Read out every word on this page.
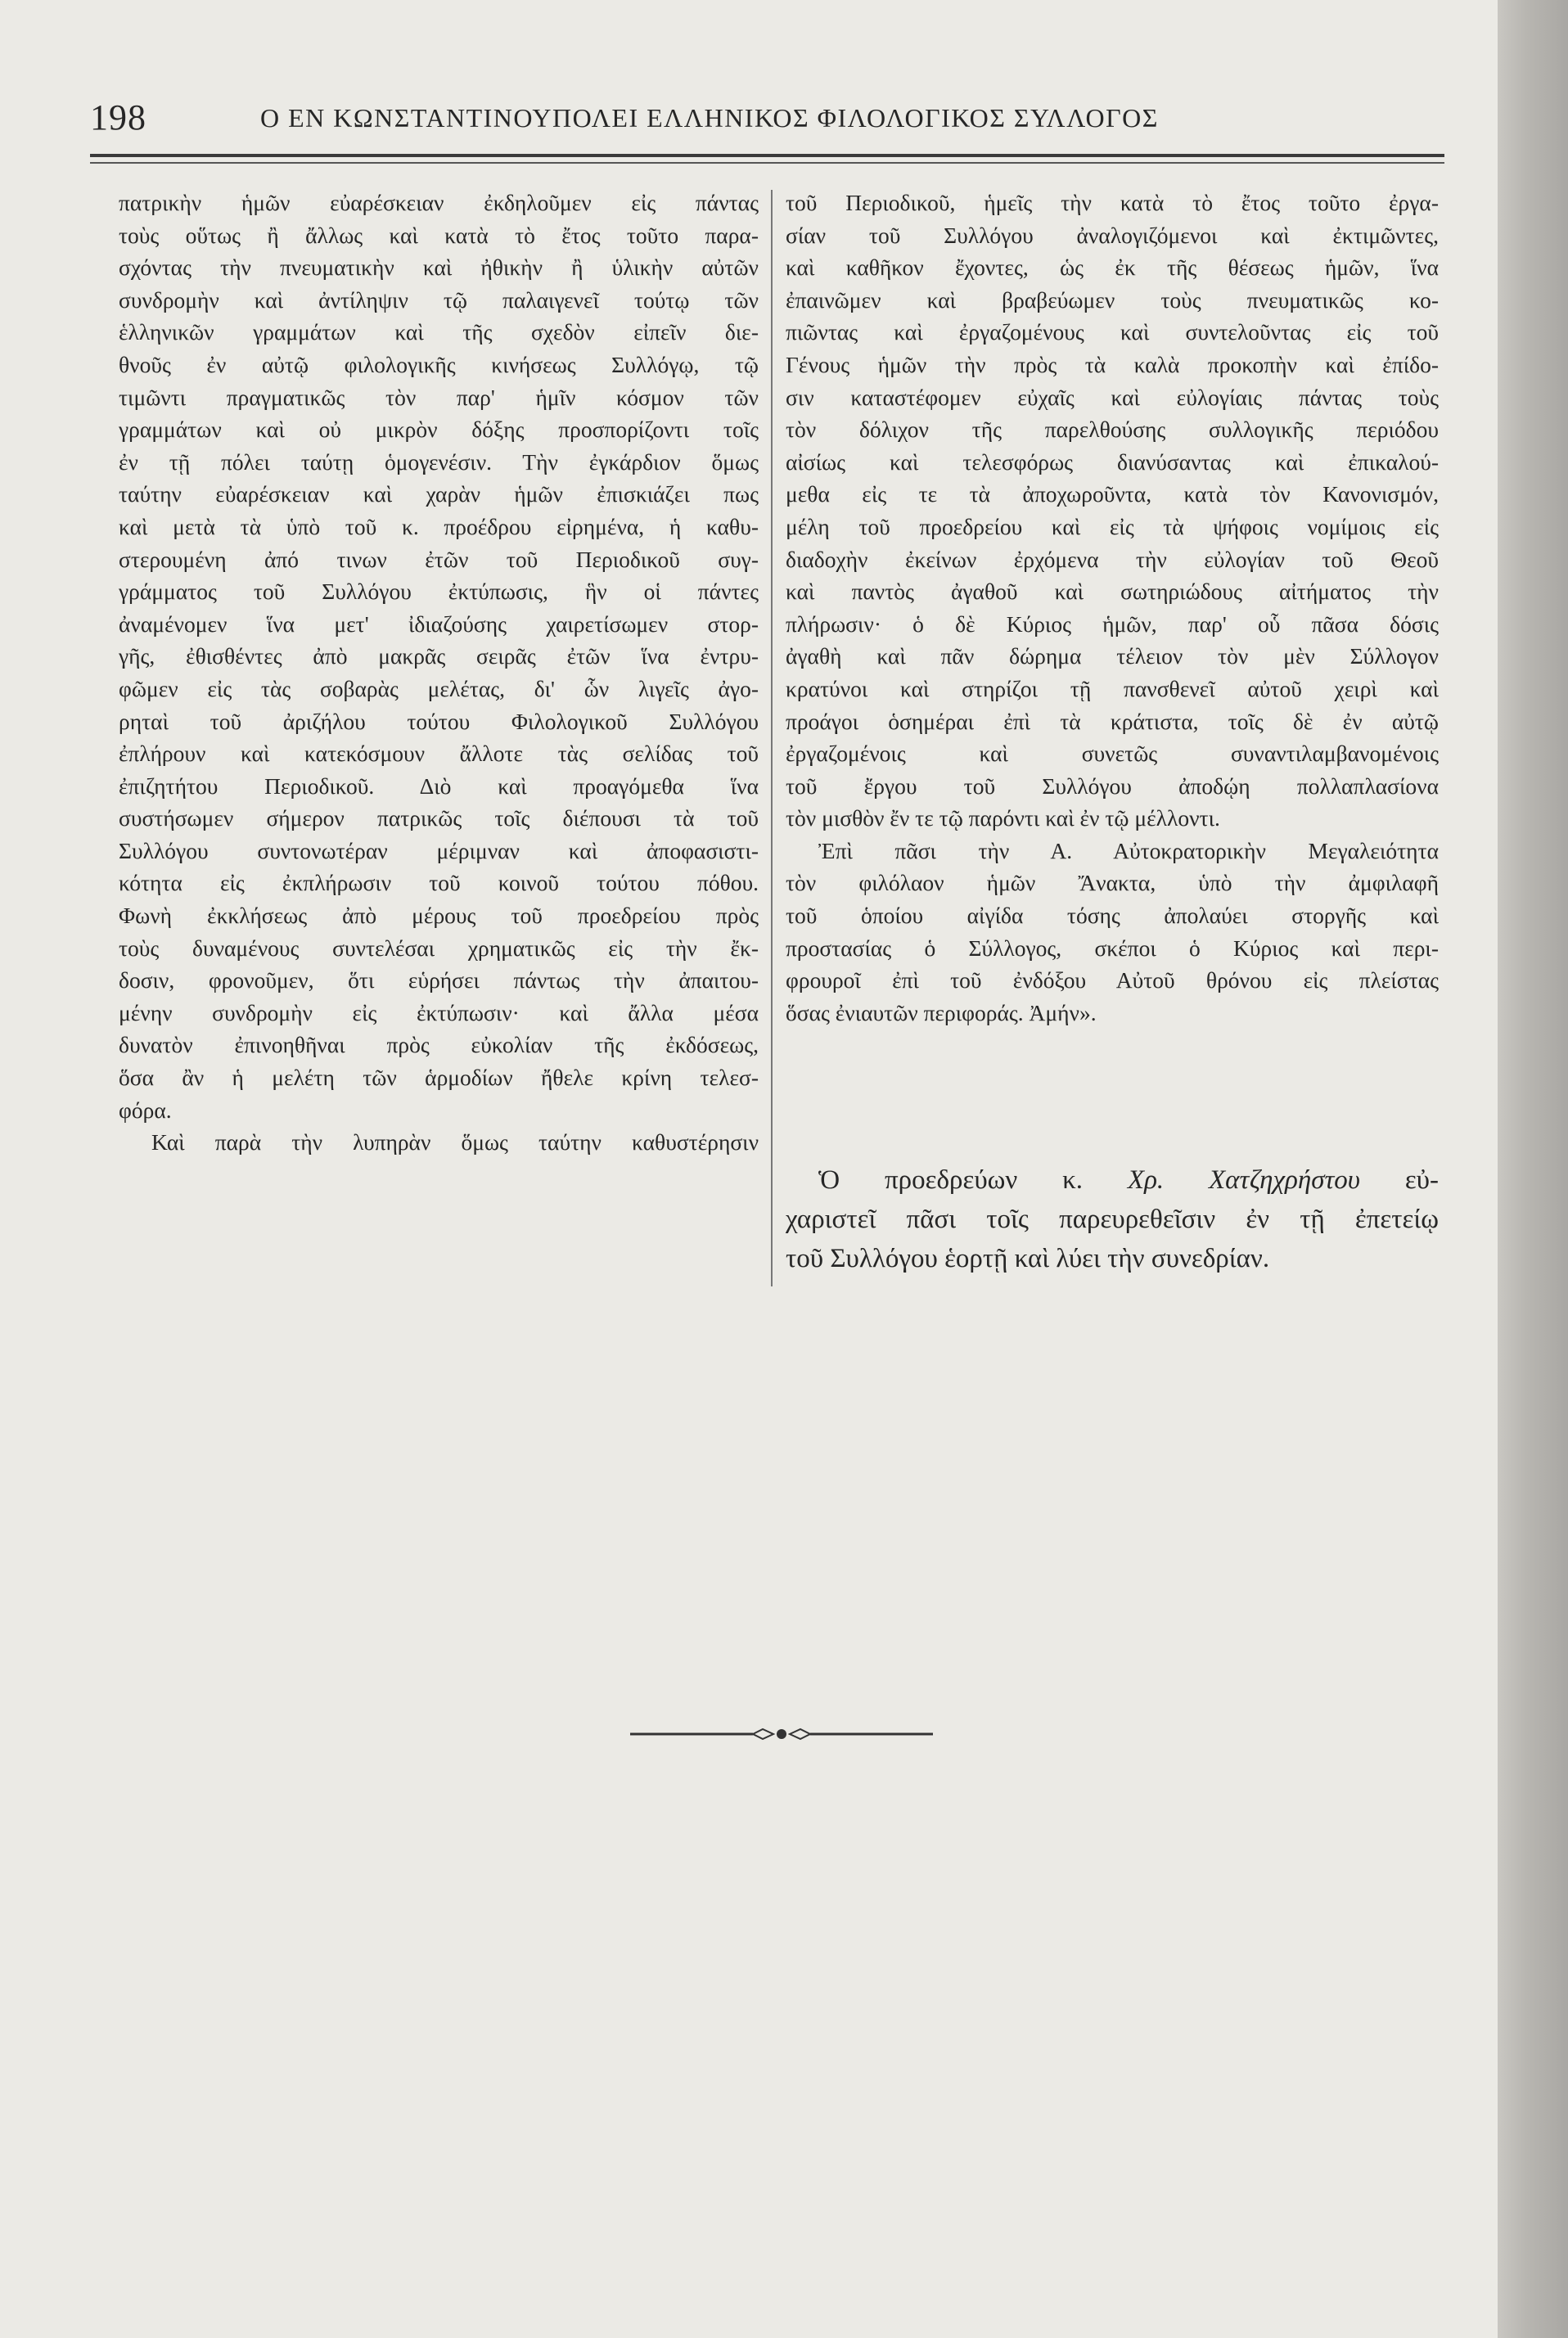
198	Ο ΕΝ ΚΩΝΣΤΑΝΤΙΝΟΥΠΟΛΕΙ ΕΛΛΗΝΙΚΟΣ ΦΙΛΟΛΟΓΙΚΟΣ ΣΥΛΛΟΓΟΣ
πατρικὴν ἡμῶν εὐαρέσκειαν ἐκδηλοῦμεν εἰς πάντας
τοὺς οὕτως ἢ ἄλλως καὶ κατὰ τὸ ἔτος τοῦτο παρα-
σχόντας τὴν πνευματικὴν καὶ ἠθικὴν ἢ ὑλικὴν αὐτῶν
συνδρομὴν καὶ ἀντίληψιν τῷ παλαιγενεῖ τούτῳ τῶν
ἑλληνικῶν γραμμάτων καὶ τῆς σχεδὸν εἰπεῖν διε-
θνοῦς ἐν αὐτῷ φιλολογικῆς κινήσεως Συλλόγῳ, τῷ
τιμῶντι πραγματικῶς τὸν παρ' ἡμῖν κόσμον τῶν
γραμμάτων καὶ οὐ μικρὸν δόξης προσπορίζοντι τοῖς
ἐν τῇ πόλει ταύτῃ ὁμογενέσιν. Τὴν ἐγκάρδιον ὅμως
ταύτην εὐαρέσκειαν καὶ χαρὰν ἡμῶν ἐπισκιάζει πως
καὶ μετὰ τὰ ὑπὸ τοῦ κ. προέδρου εἰρημένα, ἡ καθυ-
στερουμένη ἀπό τινων ἐτῶν τοῦ Περιοδικοῦ συγ-
γράμματος τοῦ Συλλόγου ἐκτύπωσις, ἣν οἱ πάντες
ἀναμένομεν ἵνα μετ' ἰδιαζούσης χαιρετίσωμεν στορ-
γῆς, ἐθισθέντες ἀπὸ μακρᾶς σειρᾶς ἐτῶν ἵνα ἐντρυ-
φῶμεν εἰς τὰς σοβαρὰς μελέτας, δι' ὧν λιγεῖς ἀγο-
ρηταὶ τοῦ ἀριζήλου τούτου Φιλολογικοῦ Συλλόγου
ἐπλήρουν καὶ κατεκόσμουν ἄλλοτε τὰς σελίδας τοῦ
ἐπιζητήτου Περιοδικοῦ. Διὸ καὶ προαγόμεθα ἵνα
συστήσωμεν σήμερον πατρικῶς τοῖς διέπουσι τὰ τοῦ
Συλλόγου συντονωτέραν μέριμναν καὶ ἀποφασιστι-
κότητα εἰς ἐκπλήρωσιν τοῦ κοινοῦ τούτου πόθου.
Φωνὴ ἐκκλήσεως ἀπὸ μέρους τοῦ προεδρείου πρὸς
τοὺς δυναμένους συντελέσαι χρηματικῶς εἰς τὴν ἔκ-
δοσιν, φρονοῦμεν, ὅτι εὑρήσει πάντως τὴν ἀπαιτου-
μένην συνδρομὴν εἰς ἐκτύπωσιν· καὶ ἄλλα μέσα
δυνατὸν ἐπινοηθῆναι πρὸς εὐκολίαν τῆς ἐκδόσεως,
ὅσα ἂν ἡ μελέτη τῶν ἁρμοδίων ἤθελε κρίνη τελεσ-
φόρα.
Καὶ παρὰ τὴν λυπηρὰν ὅμως ταύτην καθυστέρησιν
τοῦ Περιοδικοῦ, ἡμεῖς τὴν κατὰ τὸ ἔτος τοῦτο ἐργα-
σίαν τοῦ Συλλόγου ἀναλογιζόμενοι καὶ ἐκτιμῶντες,
καὶ καθῆκον ἔχοντες, ὡς ἐκ τῆς θέσεως ἡμῶν, ἵνα
ἐπαινῶμεν καὶ βραβεύωμεν τοὺς πνευματικῶς κο-
πιῶντας καὶ ἐργαζομένους καὶ συντελοῦντας εἰς τοῦ
Γένους ἡμῶν τὴν πρὸς τὰ καλὰ προκοπὴν καὶ ἐπίδο-
σιν καταστέφομεν εὐχαῖς καὶ εὐλογίαις πάντας τοὺς
τὸν δόλιχον τῆς παρελθούσης συλλογικῆς περιόδου
αἰσίως καὶ τελεσφόρως διανύσαντας καὶ ἐπικαλού-
μεθα εἰς τε τὰ ἀποχωροῦντα, κατὰ τὸν Κανονισμόν,
μέλη τοῦ προεδρείου καὶ εἰς τὰ ψήφοις νομίμοις εἰς
διαδοχὴν ἐκείνων ἐρχόμενα τὴν εὐλογίαν τοῦ Θεοῦ
καὶ παντὸς ἀγαθοῦ καὶ σωτηριώδους αἰτήματος τὴν
πλήρωσιν· ὁ δὲ Κύριος ἡμῶν, παρ' οὗ πᾶσα δόσις
ἀγαθὴ καὶ πᾶν δώρημα τέλειον τὸν μὲν Σύλλογον
κρατύνοι καὶ στηρίζοι τῇ πανσθενεῖ αὐτοῦ χειρὶ καὶ
προάγοι ὁσημέραι ἐπὶ τὰ κράτιστα, τοῖς δὲ ἐν αὐτῷ
ἐργαζομένοις καὶ συνετῶς συναντιλαμβανομένοις
τοῦ ἔργου τοῦ Συλλόγου ἀποδῴη πολλαπλασίονα
τὸν μισθὸν ἔν τε τῷ παρόντι καὶ ἐν τῷ μέλλοντι.
Ἐπὶ πᾶσι τὴν Α. Αὐτοκρατορικὴν Μεγαλειότητα
τὸν φιλόλαον ἡμῶν Ἄνακτα, ὑπὸ τὴν ἀμφιλαφῆ
τοῦ ὁποίου αἰγίδα τόσης ἀπολαύει στοργῆς καὶ
προστασίας ὁ Σύλλογος, σκέποι ὁ Κύριος καὶ περι-
φρουροῖ ἐπὶ τοῦ ἐνδόξου Αὐτοῦ θρόνου εἰς πλείστας
ὅσας ἐνιαυτῶν περιφοράς. Ἀμήν».
Ὁ προεδρεύων κ. Χρ. Χατζηχρήστου εὐ-
χαριστεῖ πᾶσι τοῖς παρευρεθεῖσιν ἐν τῇ ἐπετείῳ
τοῦ Συλλόγου ἑορτῇ καὶ λύει τὴν συνεδρίαν.
